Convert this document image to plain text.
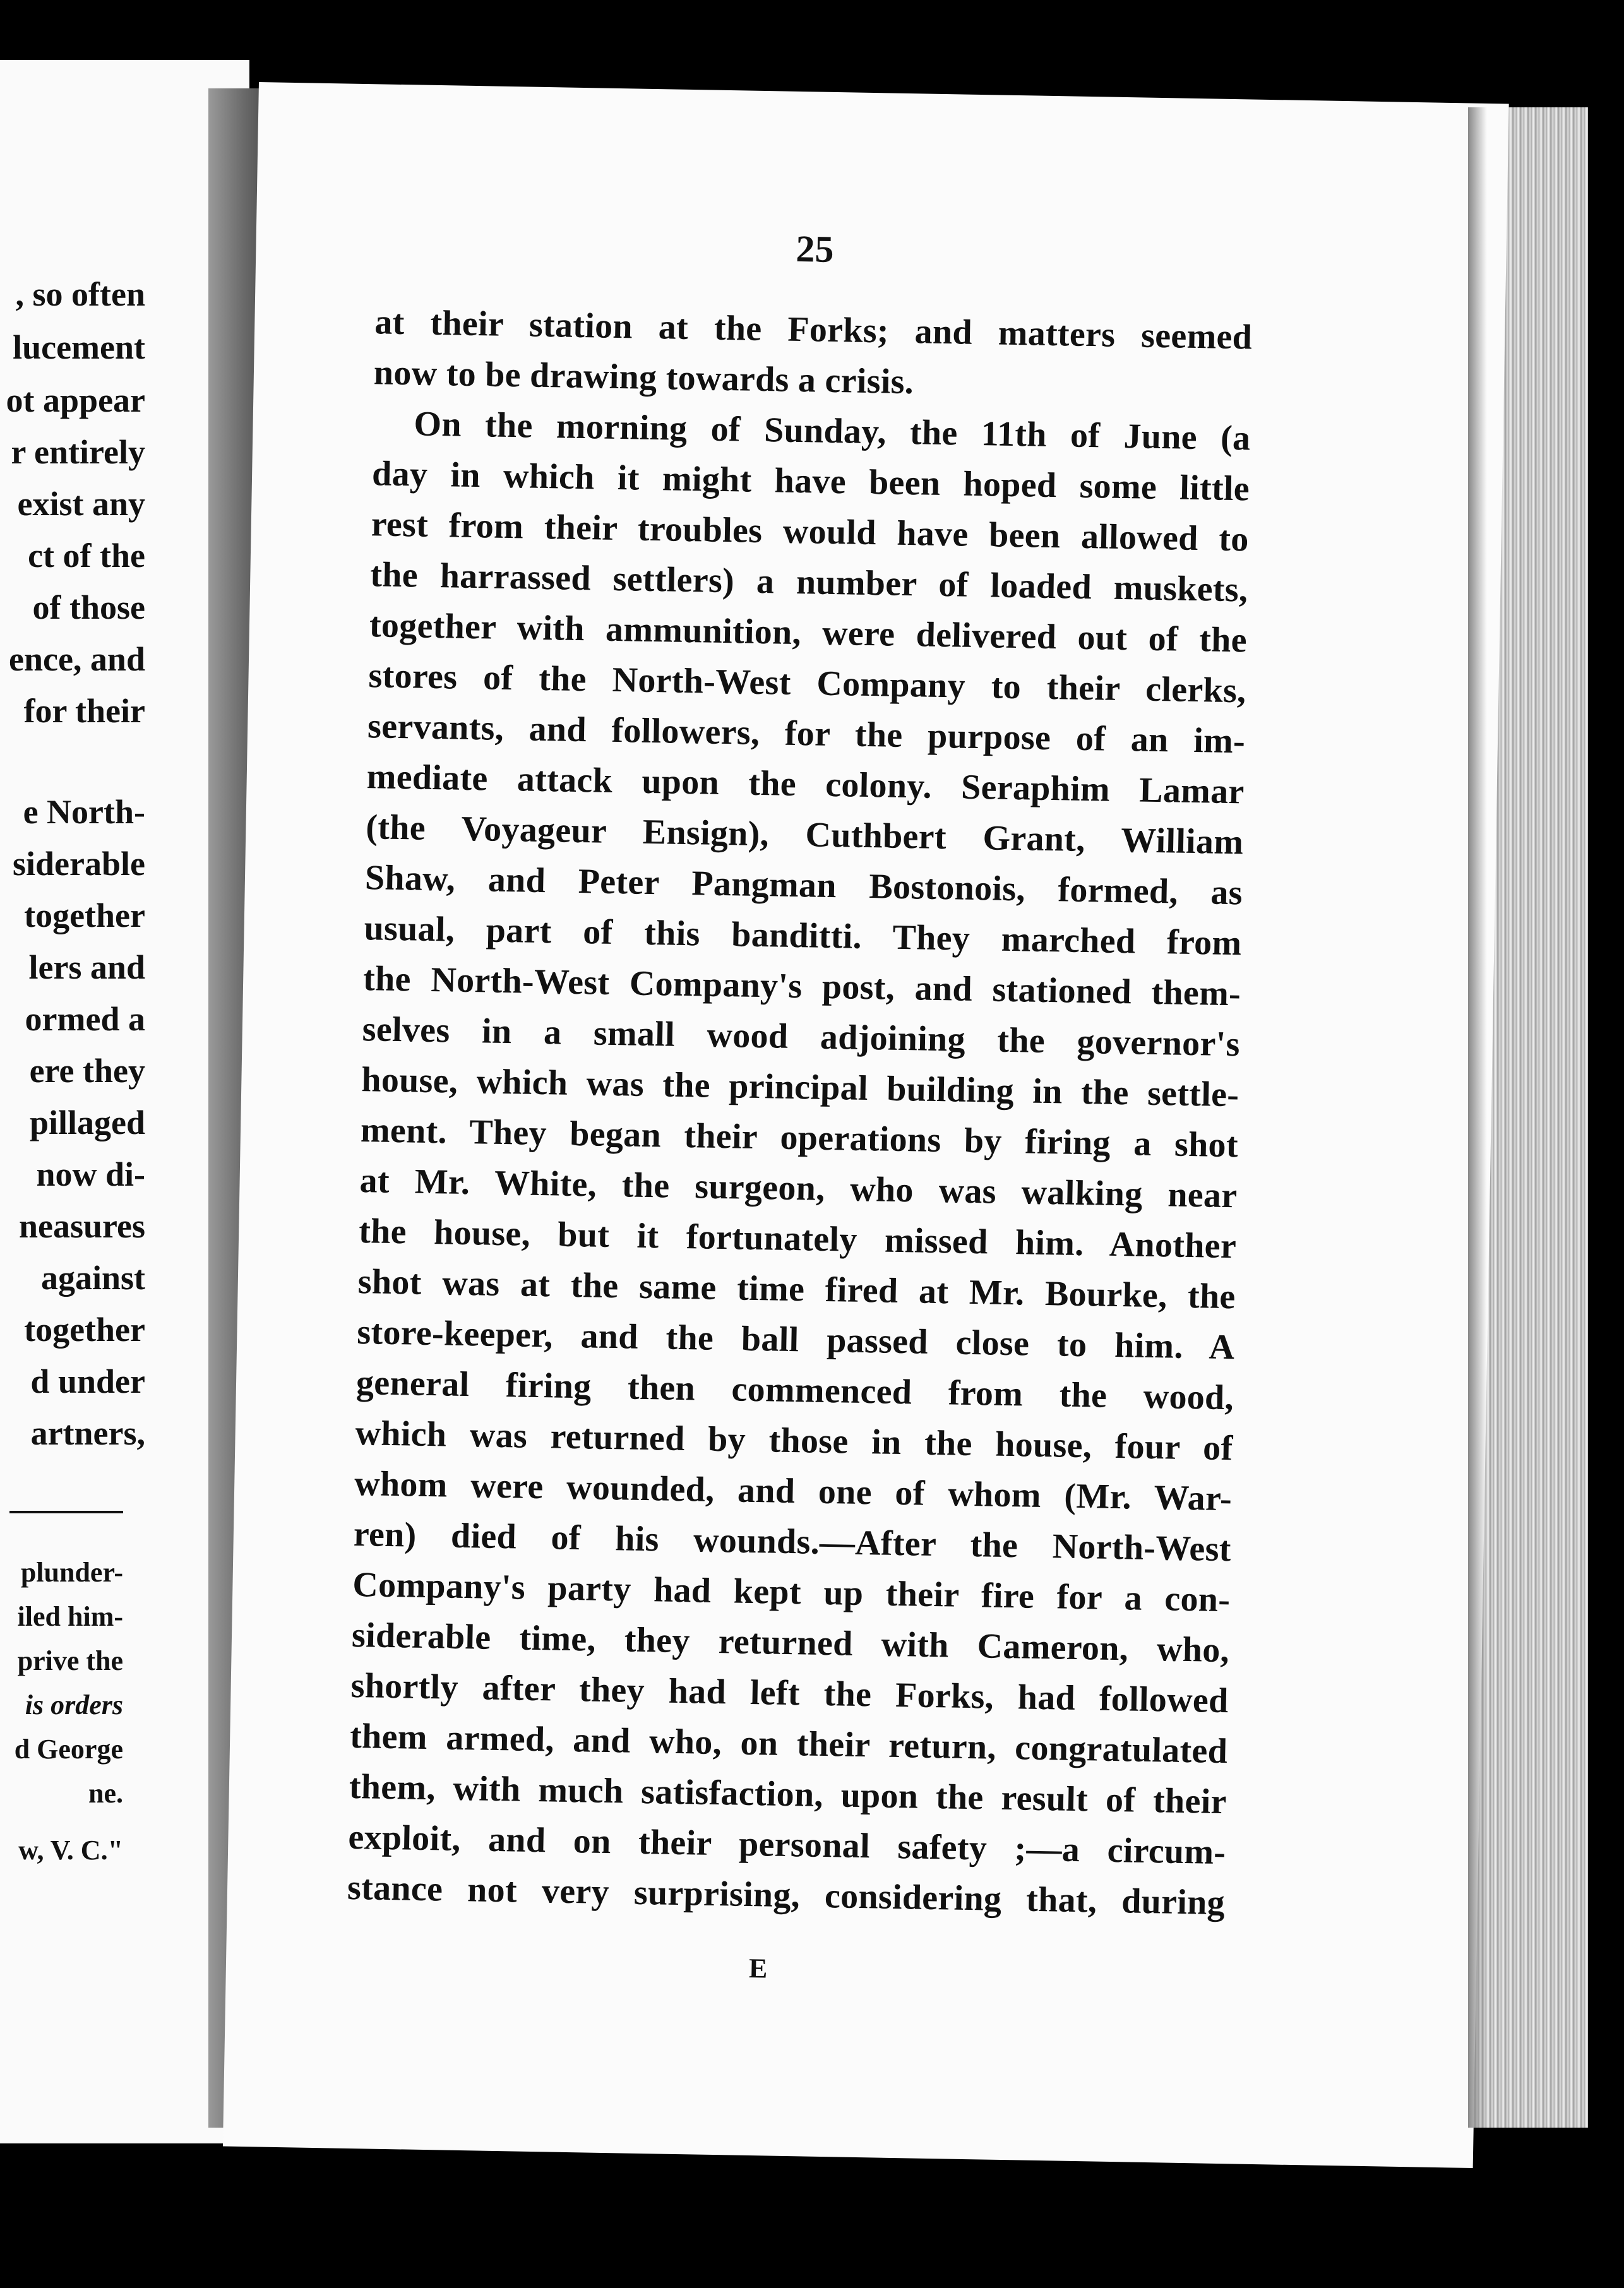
, so often
lucement
ot appear
r entirely
exist any
ct of the
of those
ence, and
for their
e North-
siderable
together
lers and
ormed a
ere they
pillaged
now di-
neasures
against
together
d under
artners,
plunder-
iled him-
prive the
is orders
d George
ne.
w, V. C."
25
at their station at the Forks; and matters seemed
now to be drawing towards a crisis.
On the morning of Sunday, the 11th of June (a
day in which it might have been hoped some little
rest from their troubles would have been allowed to
the harrassed settlers) a number of loaded muskets,
together with ammunition, were delivered out of the
stores of the North-West Company to their clerks,
servants, and followers, for the purpose of an im-
mediate attack upon the colony. Seraphim Lamar
(the Voyageur Ensign), Cuthbert Grant, William
Shaw, and Peter Pangman Bostonois, formed, as
usual, part of this banditti. They marched from
the North-West Company's post, and stationed them-
selves in a small wood adjoining the governor's
house, which was the principal building in the settle-
ment. They began their operations by firing a shot
at Mr. White, the surgeon, who was walking near
the house, but it fortunately missed him. Another
shot was at the same time fired at Mr. Bourke, the
store-keeper, and the ball passed close to him. A
general firing then commenced from the wood,
which was returned by those in the house, four of
whom were wounded, and one of whom (Mr. War-
ren) died of his wounds.—After the North-West
Company's party had kept up their fire for a con-
siderable time, they returned with Cameron, who,
shortly after they had left the Forks, had followed
them armed, and who, on their return, congratulated
them, with much satisfaction, upon the result of their
exploit, and on their personal safety ;—a circum-
stance not very surprising, considering that, during
E
